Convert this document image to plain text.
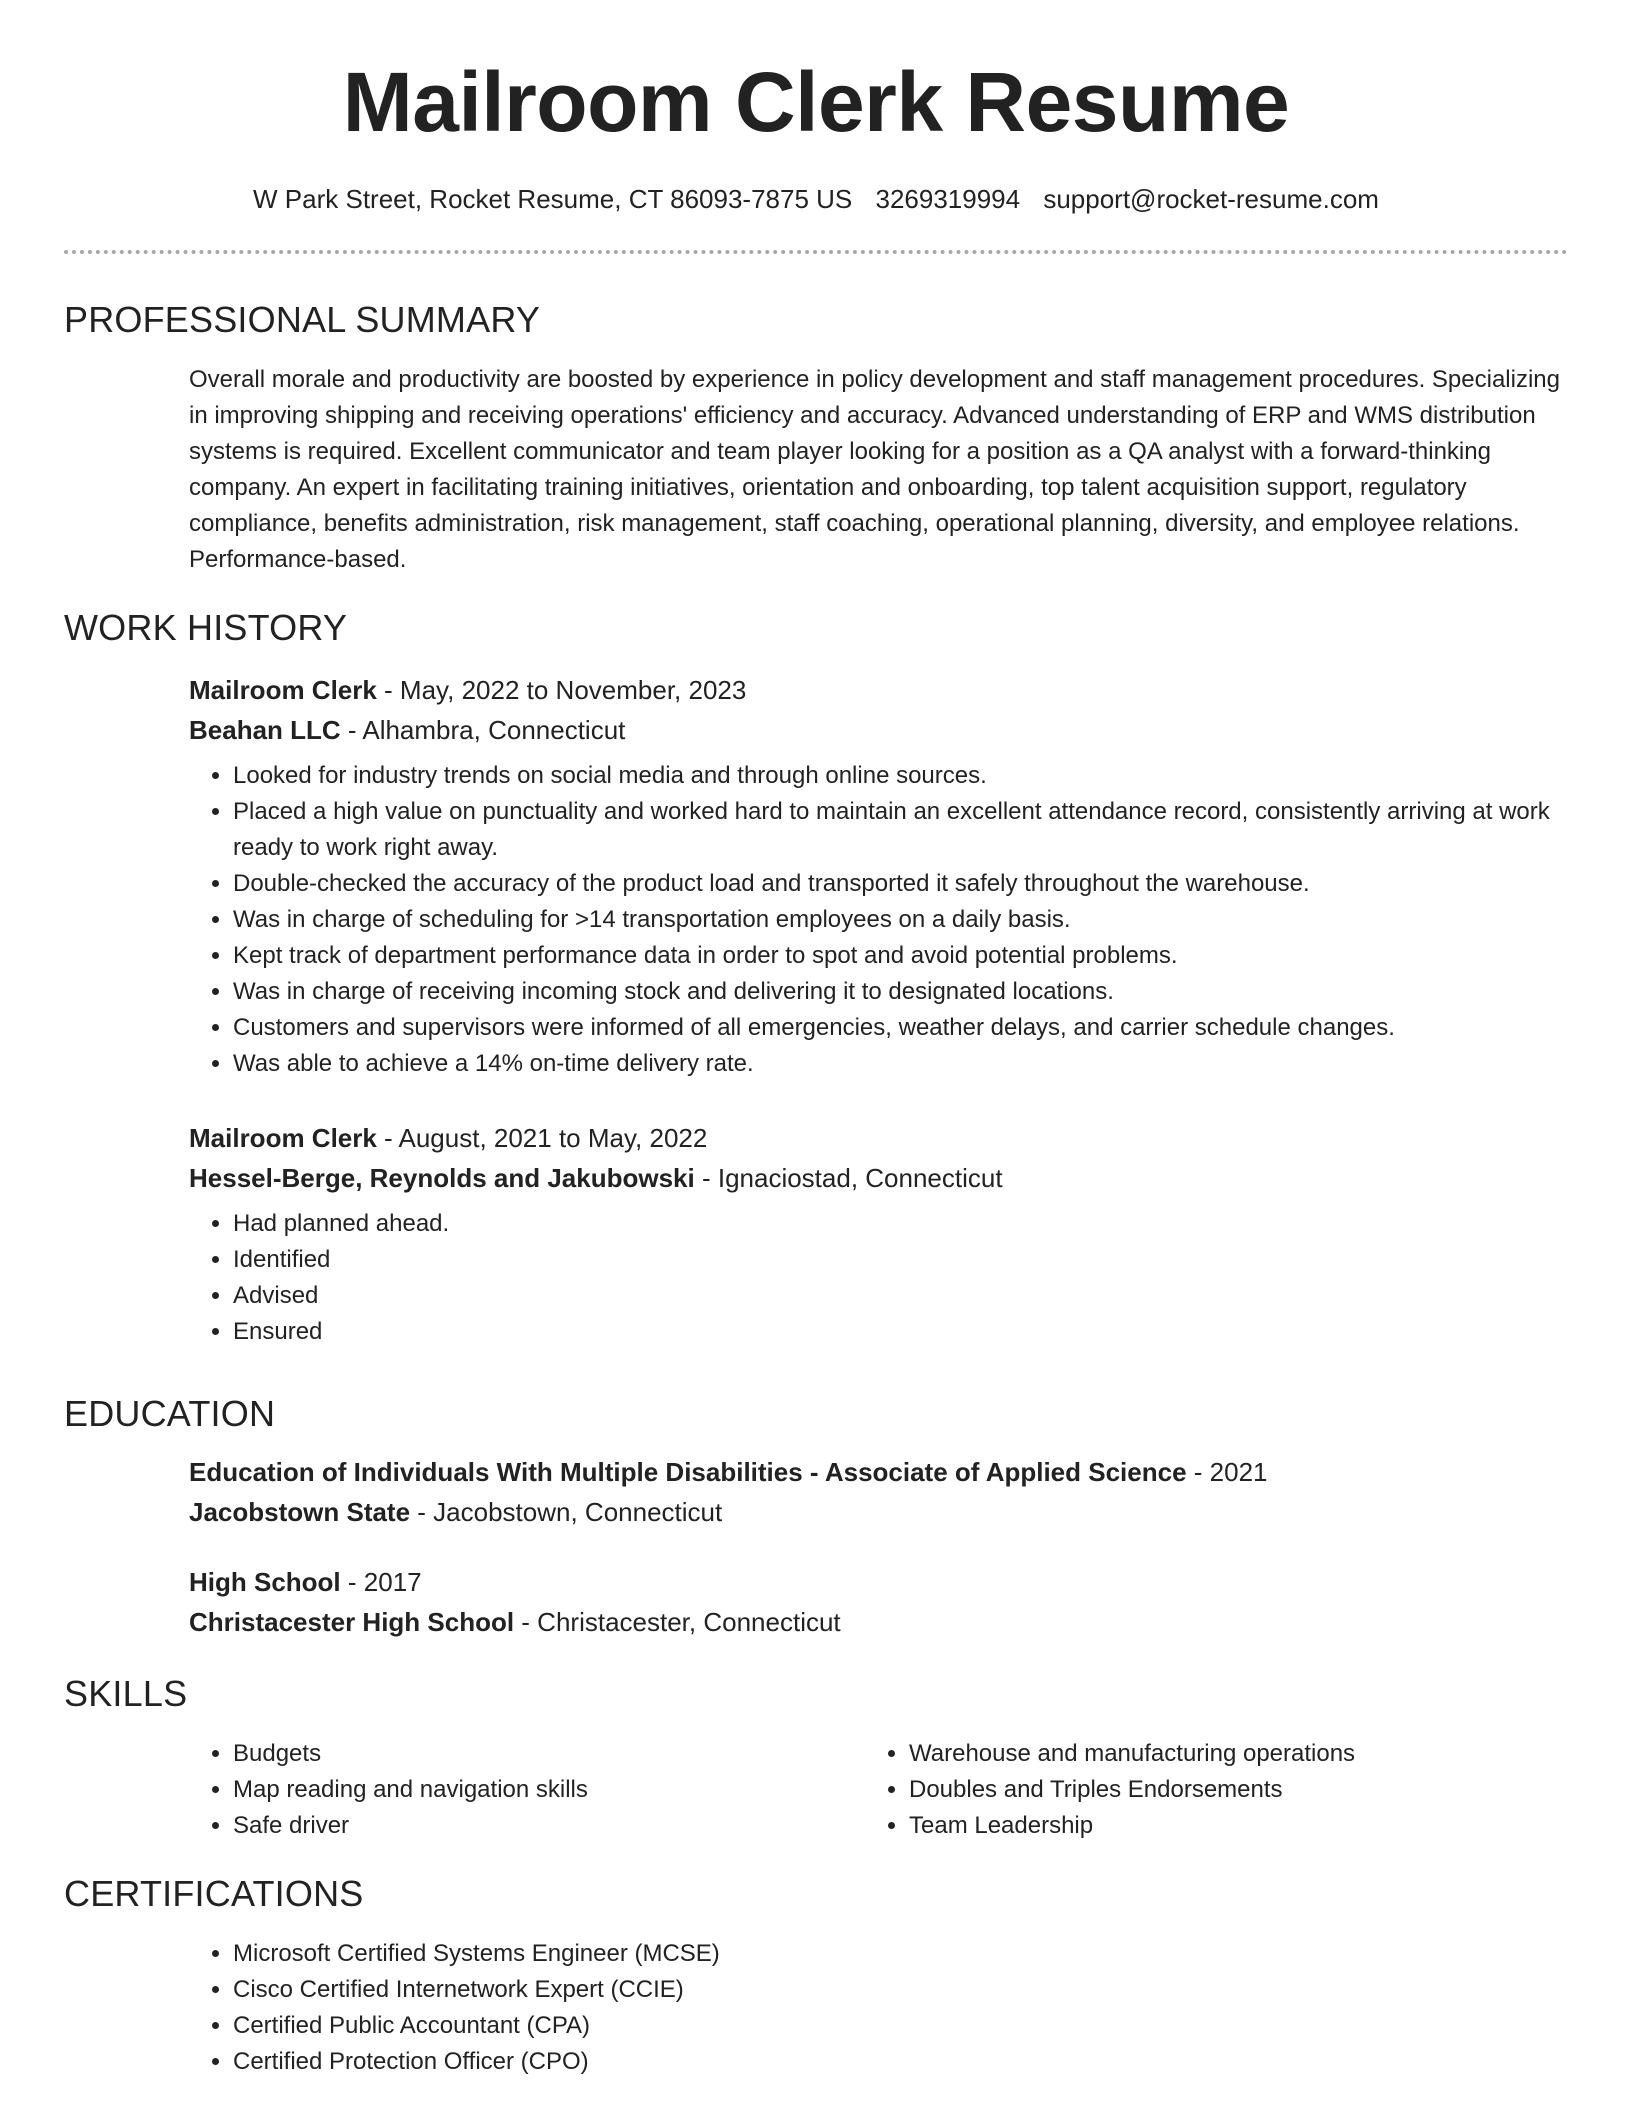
Mailroom Clerk Resume
W Park Street, Rocket Resume, CT 86093-7875 US 3269319994 support@rocket-resume.com
PROFESSIONAL SUMMARY

Overall morale and productivity are boosted by experience in policy development and staff management procedures. Specializing in improving shipping and receiving operations' efficiency and accuracy. Advanced understanding of ERP and WMS distribution systems is required. Excellent communicator and team player looking for a position as a QA analyst with a forward-thinking company. An expert in facilitating training initiatives, orientation and onboarding, top talent acquisition support, regulatory compliance, benefits administration, risk management, staff coaching, operational planning, diversity, and employee relations. Performance-based.

WORK HISTORY

Mailroom Clerk - May, 2022 to November, 2023

Beahan LLC - Alhambra, Connecticut

• Looked for industry trends on social media and through online sources.
• Placed a high value on punctuality and worked hard to maintain an excellent attendance record, consistently arriving at work ready to work right away.
• Double-checked the accuracy of the product load and transported it safely throughout the warehouse.
• Was in charge of scheduling for >14 transportation employees on a daily basis.
• Kept track of department performance data in order to spot and avoid potential problems.
• Was in charge of receiving incoming stock and delivering it to designated locations.
• Customers and supervisors were informed of all emergencies, weather delays, and carrier schedule changes.
• Was able to achieve a 14% on-time delivery rate.

Mailroom Clerk - August, 2021 to May, 2022

Hessel-Berge, Reynolds and Jakubowski - Ignaciostad, Connecticut

• Had planned ahead.
• Identified
• Advised
• Ensured
EDUCATION

Education of Individuals With Multiple Disabilities - Associate of Applied Science - 2021

Jacobstown State - Jacobstown, Connecticut

High School - 2017

Christacester High School - Christacester, Connecticut

SKILLS
• Budgets
• Map reading and navigation skills
• Safe driver
• Warehouse and manufacturing operations
• Doubles and Triples Endorsements
• Team Leadership
CERTIFICATIONS
• Microsoft Certified Systems Engineer (MCSE)
• Cisco Certified Internetwork Expert (CCIE)
• Certified Public Accountant (CPA)
• Certified Protection Officer (CPO)
